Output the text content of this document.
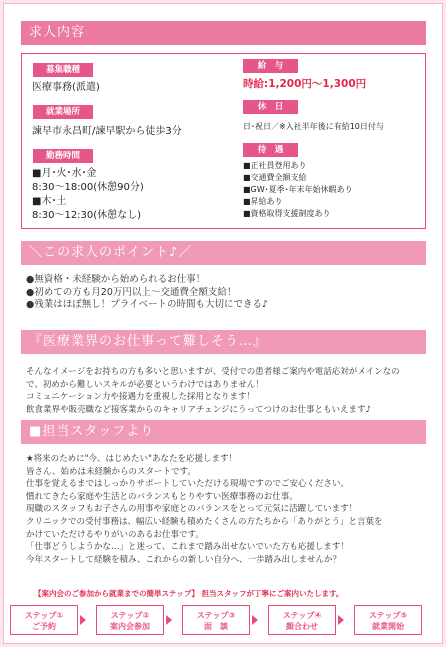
求人内容
募集職種
医療事務(派遣)
就業場所
諫早市永昌町/諫早駅から徒歩3分
勤務時間
■月･火･水･金
8:30～18:00(休憩90分)
■木･土
8:30～12:30(休憩なし)
給　与
時給:1,200円～1,300円
休　日
日･祝日／※入社半年後に有給10日付与
待　遇
■正社員登用あり
■交通費全額支給
■GW･夏季･年末年始休暇あり
■昇給あり
■資格取得支援制度あり
＼この求人のポイント♪／
●無資格・未経験から始められるお仕事！
●初めての方も月20万円以上～交通費全額支給！
●残業はほぼ無し！プライベートの時間も大切にできる♪
『医療業界のお仕事って難しそう…』
そんなイメージをお持ちの方も多いと思いますが、受付での患者様ご案内や電話応対がメインなの
で、初めから難しいスキルが必要というわけではありません！
コミュニケーション力や接遇力を重視した採用となります！
飲食業界や販売職など接客業からのキャリアチェンジにうってつけのお仕事ともいえます♪
■担当スタッフより
★将来のために"今、はじめたい"あなたを応援します！
皆さん、始めは未経験からのスタートです。
仕事を覚えるまではしっかりサポートしていただける現場ですのでご安心ください。
慣れてきたら家庭や生活とのバランスもとりやすい医療事務のお仕事。
現職のスタッフもお子さんの用事や家庭とのバランスをとって元気に活躍しています！
クリニックでの受付事務は、幅広い経験も積めたくさんの方たちから「ありがとう」と言葉を
かけていただけるやりがいのあるお仕事です。
「仕事どうしようかな…」と迷って、これまで踏み出せないでいた方も応援します！
今年スタートして経験を積み、これからの新しい自分へ、一歩踏み出しませんか？
【案内会のご参加から就業までの簡単ステップ】 担当スタッフが丁寧にご案内いたします。
ステップ①
ご予約
ステップ②
案内会参加
ステップ③
面　談
ステップ④
顔合わせ
ステップ⑤
就業開始
